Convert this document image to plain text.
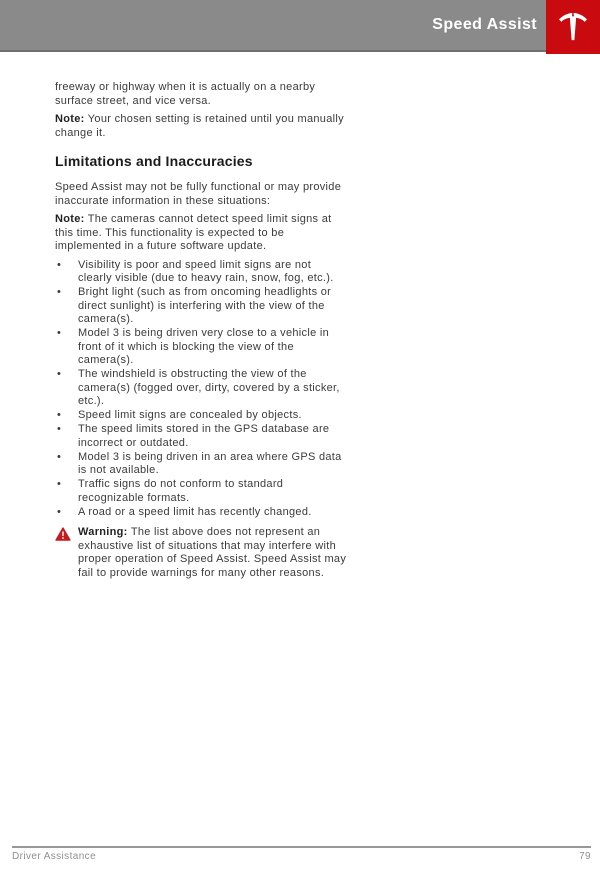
Speed Assist

freeway or highway when it is actually on a nearby surface street, and vice versa.

Note: Your chosen setting is retained until you manually change it.

Limitations and Inaccuracies

Speed Assist may not be fully functional or may provide inaccurate information in these situations:

Note: The cameras cannot detect speed limit signs at this time. This functionality is expected to be implemented in a future software update.

•	Visibility is poor and speed limit signs are not clearly visible (due to heavy rain, snow, fog, etc.).
•	Bright light (such as from oncoming headlights or direct sunlight) is interfering with the view of the camera(s).
•	Model 3 is being driven very close to a vehicle in front of it which is blocking the view of the camera(s).
•	The windshield is obstructing the view of the camera(s) (fogged over, dirty, covered by a sticker, etc.).
•	Speed limit signs are concealed by objects.
•	The speed limits stored in the GPS database are incorrect or outdated.
•	Model 3 is being driven in an area where GPS data is not available.
•	Traffic signs do not conform to standard recognizable formats.
•	A road or a speed limit has recently changed.

Warning: The list above does not represent an exhaustive list of situations that may interfere with proper operation of Speed Assist. Speed Assist may fail to provide warnings for many other reasons.

Driver Assistance	79
